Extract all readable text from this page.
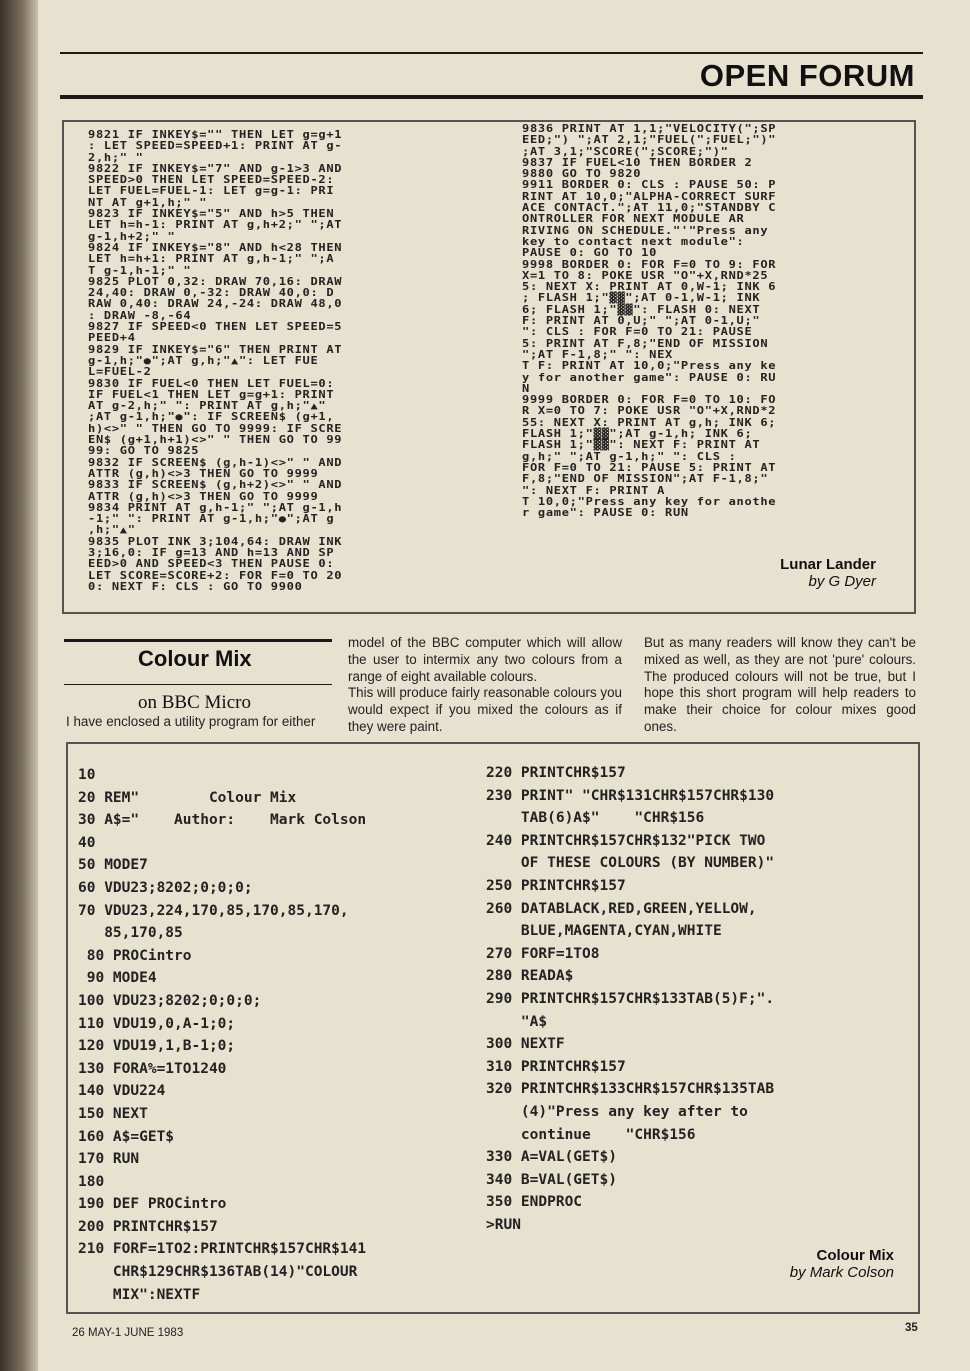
OPEN FORUM
9821 IF INKEY$="" THEN LET g=g+1
: LET SPEED=SPEED+1: PRINT AT g-
2,h;" "
9822 IF INKEY$="7" AND g-1>3 AND
SPEED>0 THEN LET SPEED=SPEED-2:
LET FUEL=FUEL-1: LET g=g-1: PRI
NT AT g+1,h;" "
9823 IF INKEY$="5" AND h>5 THEN
LET h=h-1: PRINT AT g,h+2;" ";AT
g-1,h+2;" "
9824 IF INKEY$="8" AND h<28 THEN
LET h=h+1: PRINT AT g,h-1;" ";A
T g-1,h-1;" "
9825 PLOT 0,32: DRAW 70,16: DRAW
24,40: DRAW 0,-32: DRAW 40,0: D
RAW 0,40: DRAW 24,-24: DRAW 48,0
: DRAW -8,-64
9827 IF SPEED<0 THEN LET SPEED=5
PEED+4
9829 IF INKEY$="6" THEN PRINT AT
g-1,h;"●";AT g,h;"▲": LET FUE
L=FUEL-2
9830 IF FUEL<0 THEN LET FUEL=0:
IF FUEL<1 THEN LET g=g+1: PRINT
AT g-2,h;" ": PRINT AT g,h;"▲"
;AT g-1,h;"●": IF SCREEN$ (g+1,
h)<>" " THEN GO TO 9999: IF SCRE
EN$ (g+1,h+1)<>" " THEN GO TO 99
99: GO TO 9825
9832 IF SCREEN$ (g,h-1)<>" " AND
ATTR (g,h)<>3 THEN GO TO 9999
9833 IF SCREEN$ (g,h+2)<>" " AND
ATTR (g,h)<>3 THEN GO TO 9999
9834 PRINT AT g,h-1;" ";AT g-1,h
-1;" ": PRINT AT g-1,h;"●";AT g
,h;"▲"
9835 PLOT INK 3;104,64: DRAW INK
3;16,0: IF g=13 AND h=13 AND SP
EED>0 AND SPEED<3 THEN PAUSE 0:
LET SCORE=SCORE+2: FOR F=0 TO 20
0: NEXT F: CLS : GO TO 9900
9836 PRINT AT 1,1;"VELOCITY(";SP
EED;") ";AT 2,1;"FUEL(";FUEL;")"
;AT 3,1;"SCORE(";SCORE;")"
9837 IF FUEL<10 THEN BORDER 2
9880 GO TO 9820
9911 BORDER 0: CLS : PAUSE 50: P
RINT AT 10,0;"ALPHA-CORRECT SURF
ACE CONTACT.";AT 11,0;"STANDBY C
ONTROLLER FOR NEXT MODULE AR
RIVING ON SCHEDULE."'"Press any
key to contact next module":
PAUSE 0: GO TO 10
9998 BORDER 0: FOR F=0 TO 9: FOR
X=1 TO 8: POKE USR "O"+X,RND*25
5: NEXT X: PRINT AT 0,W-1; INK 6
; FLASH 1;"▓▓";AT 0-1,W-1; INK
6; FLASH 1;"▓▓": FLASH 0: NEXT
F: PRINT AT 0,U;" ";AT 0-1,U;"
": CLS : FOR F=0 TO 21: PAUSE
5: PRINT AT F,8;"END OF MISSION
";AT F-1,8;" ": NEX
T F: PRINT AT 10,0;"Press any ke
y for another game": PAUSE 0: RU
N
9999 BORDER 0: FOR F=0 TO 10: FO
R X=0 TO 7: POKE USR "O"+X,RND*2
55: NEXT X: PRINT AT g,h; INK 6;
FLASH 1;"▓▓";AT g-1,h; INK 6;
FLASH 1;"▓▓": NEXT F: PRINT AT
g,h;" ";AT g-1,h;" ": CLS :
FOR F=0 TO 21: PAUSE 5: PRINT AT
F,8;"END OF MISSION";AT F-1,8;"
": NEXT F: PRINT A
T 10,0;"Press any key for anothe
r game": PAUSE 0: RUN
Lunar Lander
by G Dyer
Colour Mix
on BBC Micro
I have enclosed a utility program for either
model of the BBC computer which will allow the user to intermix any two colours from a range of eight available colours.
This will produce fairly reasonable colours you would expect if you mixed the colours as if they were paint.
But as many readers will know they can't be mixed as well, as they are not 'pure' colours. The produced colours will not be true, but I hope this short program will help readers to make their choice for colour mixes good ones.
10
20 REM"        Colour Mix
30 A$="    Author:    Mark Colson
40
50 MODE7
60 VDU23;8202;0;0;0;
70 VDU23,224,170,85,170,85,170,
85,170,85
80 PROCintro
90 MODE4
100 VDU23;8202;0;0;0;
110 VDU19,0,A-1;0;
120 VDU19,1,B-1;0;
130 FORA%=1TO1240
140 VDU224
150 NEXT
160 A$=GET$
170 RUN
180
190 DEF PROCintro
200 PRINTCHR$157
210 FORF=1TO2:PRINTCHR$157CHR$141
CHR$129CHR$136TAB(14)"COLOUR
MIX":NEXTF
220 PRINTCHR$157
230 PRINT" "CHR$131CHR$157CHR$130
TAB(6)A$"    "CHR$156
240 PRINTCHR$157CHR$132"PICK TWO
OF THESE COLOURS (BY NUMBER)"
250 PRINTCHR$157
260 DATABLACK,RED,GREEN,YELLOW,
BLUE,MAGENTA,CYAN,WHITE
270 FORF=1TO8
280 READA$
290 PRINTCHR$157CHR$133TAB(5)F;".
"A$
300 NEXTF
310 PRINTCHR$157
320 PRINTCHR$133CHR$157CHR$135TAB
(4)"Press any key after to
continue    "CHR$156
330 A=VAL(GET$)
340 B=VAL(GET$)
350 ENDPROC
>RUN
Colour Mix
by Mark Colson
26 MAY-1 JUNE 1983	35
